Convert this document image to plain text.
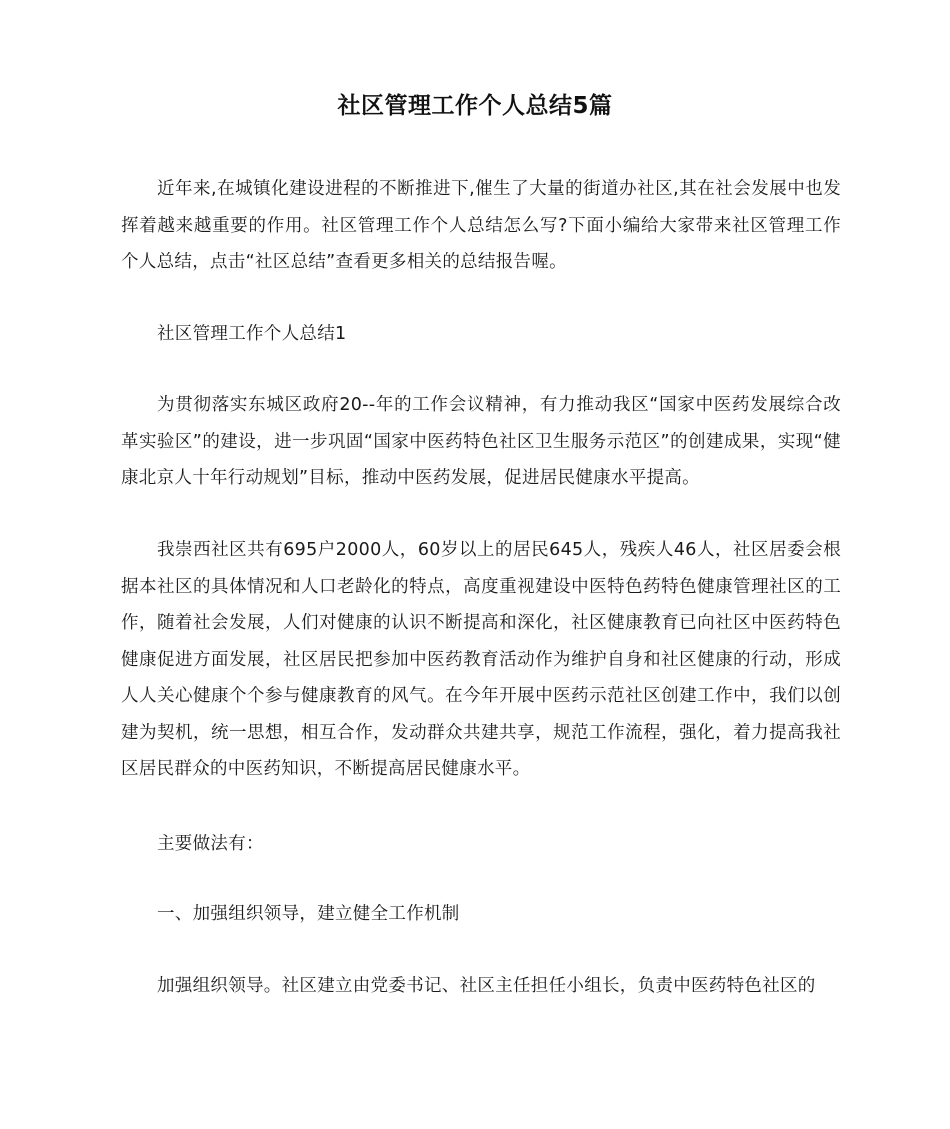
社区管理工作个人总结5篇
近年来,在城镇化建设进程的不断推进下,催生了大量的街道办社区,其在社会发展中也发挥着越来越重要的作用。社区管理工作个人总结怎么写?下面小编给大家带来社区管理工作个人总结，点击“社区总结”查看更多相关的总结报告喔。
社区管理工作个人总结1
为贯彻落实东城区政府20--年的工作会议精神，有力推动我区“国家中医药发展综合改革实验区”的建设，进一步巩固“国家中医药特色社区卫生服务示范区”的创建成果，实现“健康北京人十年行动规划”目标，推动中医药发展，促进居民健康水平提高。
我崇西社区共有695户2000人，60岁以上的居民645人，残疾人46人，社区居委会根据本社区的具体情况和人口老龄化的特点，高度重视建设中医特色药特色健康管理社区的工作，随着社会发展，人们对健康的认识不断提高和深化，社区健康教育已向社区中医药特色健康促进方面发展，社区居民把参加中医药教育活动作为维护自身和社区健康的行动，形成人人关心健康个个参与健康教育的风气。在今年开展中医药示范社区创建工作中，我们以创建为契机，统一思想，相互合作，发动群众共建共享，规范工作流程，强化，着力提高我社区居民群众的中医药知识，不断提高居民健康水平。
主要做法有：
一、加强组织领导，建立健全工作机制
加强组织领导。社区建立由党委书记、社区主任担任小组长，负责中医药特色社区的
